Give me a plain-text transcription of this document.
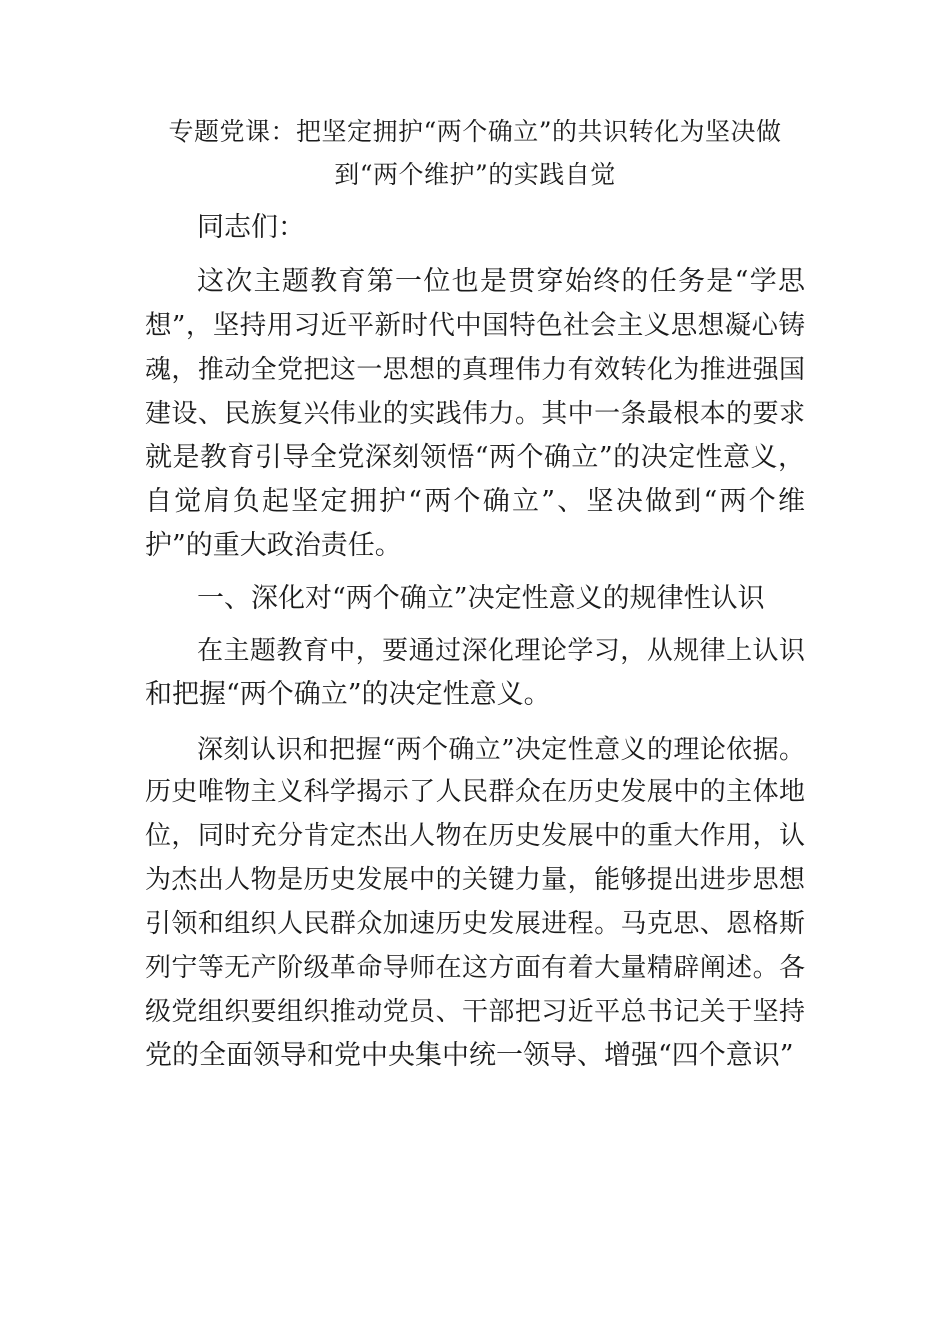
专题党课：把坚定拥护“两个确立”的共识转化为坚决做
到“两个维护”的实践自觉
同志们：
这次主题教育第一位也是贯穿始终的任务是“学思
想”，坚持用习近平新时代中国特色社会主义思想凝心铸
魂，推动全党把这一思想的真理伟力有效转化为推进强国
建设、民族复兴伟业的实践伟力。其中一条最根本的要求
就是教育引导全党深刻领悟“两个确立”的决定性意义，
自觉肩负起坚定拥护“两个确立”、坚决做到“两个维
护”的重大政治责任。
一、深化对“两个确立”决定性意义的规律性认识
在主题教育中，要通过深化理论学习，从规律上认识
和把握“两个确立”的决定性意义。
深刻认识和把握“两个确立”决定性意义的理论依据。
历史唯物主义科学揭示了人民群众在历史发展中的主体地
位，同时充分肯定杰出人物在历史发展中的重大作用，认
为杰出人物是历史发展中的关键力量，能够提出进步思想
引领和组织人民群众加速历史发展进程。马克思、恩格斯
列宁等无产阶级革命导师在这方面有着大量精辟阐述。各
级党组织要组织推动党员、干部把习近平总书记关于坚持
党的全面领导和党中央集中统一领导、增强“四个意识”
